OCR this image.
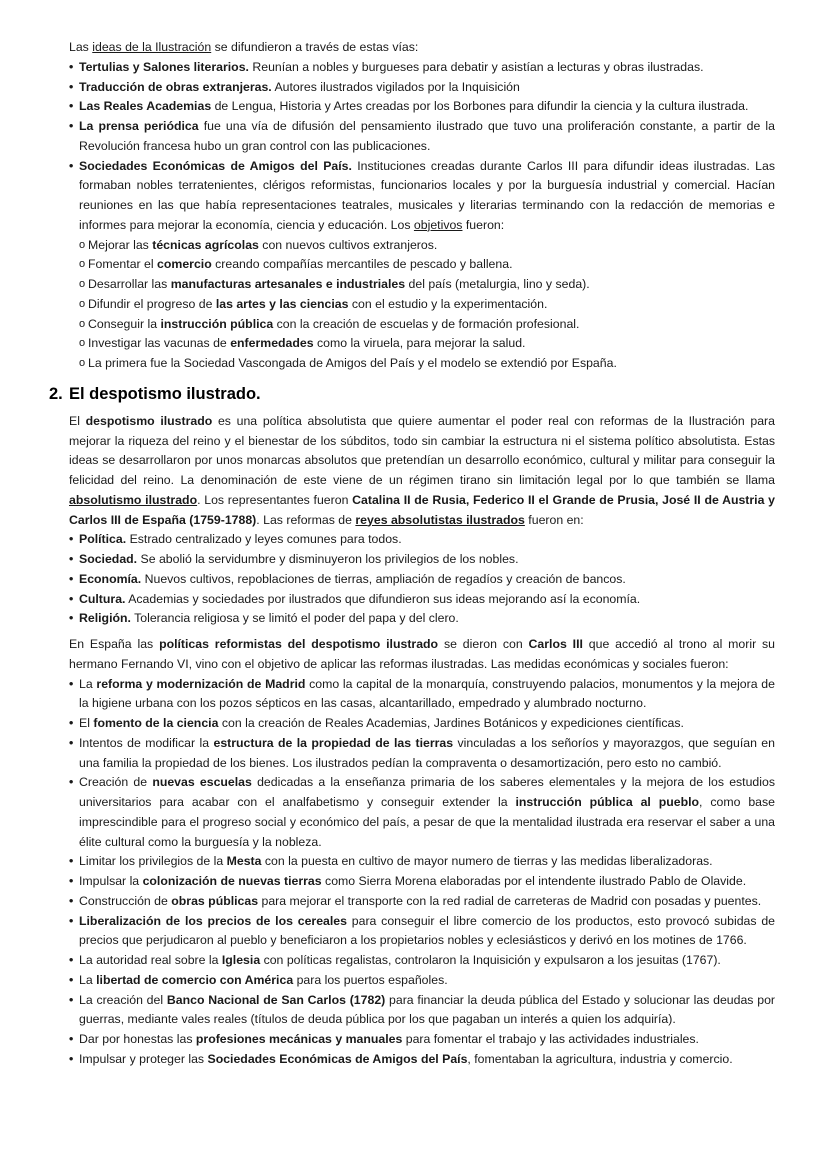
Las ideas de la Ilustración se difundieron a través de estas vías:

• Tertulias y Salones literarios. Reunían a nobles y burgueses para debatir y asistían a lecturas y obras ilustradas.
• Traducción de obras extranjeras. Autores ilustrados vigilados por la Inquisición
• Las Reales Academias de Lengua, Historia y Artes creadas por los Borbones para difundir la ciencia y la cultura ilustrada.
• La prensa periódica fue una vía de difusión del pensamiento ilustrado que tuvo una proliferación constante, a partir de la Revolución francesa hubo un gran control con las publicaciones.
• Sociedades Económicas de Amigos del País. Instituciones creadas durante Carlos III para difundir ideas ilustradas. Las formaban nobles terratenientes, clérigos reformistas, funcionarios locales y por la burguesía industrial y comercial. Hacían reuniones en las que había representaciones teatrales, musicales y literarias terminando con la redacción de memorias e informes para mejorar la economía, ciencia y educación. Los objetivos fueron:
o Mejorar las técnicas agrícolas con nuevos cultivos extranjeros.
o Fomentar el comercio creando compañías mercantiles de pescado y ballena.
o Desarrollar las manufacturas artesanales e industriales del país (metalurgia, lino y seda).
o Difundir el progreso de las artes y las ciencias con el estudio y la experimentación.
o Conseguir la instrucción pública con la creación de escuelas y de formación profesional.
o Investigar las vacunas de enfermedades como la viruela, para mejorar la salud.
o La primera fue la Sociedad Vascongada de Amigos del País y el modelo se extendió por España.
2. El despotismo ilustrado.

El despotismo ilustrado es una política absolutista que quiere aumentar el poder real con reformas de la Ilustración para mejorar la riqueza del reino y el bienestar de los súbditos, todo sin cambiar la estructura ni el sistema político absolutista. Estas ideas se desarrollaron por unos monarcas absolutos que pretendían un desarrollo económico, cultural y militar para conseguir la felicidad del reino. La denominación de este viene de un régimen tirano sin limitación legal por lo que también se llama absolutismo ilustrado. Los representantes fueron Catalina II de Rusia, Federico II el Grande de Prusia, José II de Austria y Carlos III de España (1759-1788). Las reformas de reyes absolutistas ilustrados fueron en:

• Política. Estrado centralizado y leyes comunes para todos.
• Sociedad. Se abolió la servidumbre y disminuyeron los privilegios de los nobles.
• Economía. Nuevos cultivos, repoblaciones de tierras, ampliación de regadíos y creación de bancos.
• Cultura. Academias y sociedades por ilustrados que difundieron sus ideas mejorando así la economía.
• Religión. Tolerancia religiosa y se limitó el poder del papa y del clero.

En España las políticas reformistas del despotismo ilustrado se dieron con Carlos III que accedió al trono al morir su hermano Fernando VI, vino con el objetivo de aplicar las reformas ilustradas. Las medidas económicas y sociales fueron:

• La reforma y modernización de Madrid como la capital de la monarquía, construyendo palacios, monumentos y la mejora de la higiene urbana con los pozos sépticos en las casas, alcantarillado, empedrado y alumbrado nocturno.
• El fomento de la ciencia con la creación de Reales Academias, Jardines Botánicos y expediciones científicas.
• Intentos de modificar la estructura de la propiedad de las tierras vinculadas a los señoríos y mayorazgos, que seguían en una familia la propiedad de los bienes. Los ilustrados pedían la compraventa o desamortización, pero esto no cambió.
• Creación de nuevas escuelas dedicadas a la enseñanza primaria de los saberes elementales y la mejora de los estudios universitarios para acabar con el analfabetismo y conseguir extender la instrucción pública al pueblo, como base imprescindible para el progreso social y económico del país, a pesar de que la mentalidad ilustrada era reservar el saber a una élite cultural como la burguesía y la nobleza.
• Limitar los privilegios de la Mesta con la puesta en cultivo de mayor numero de tierras y las medidas liberalizadoras.
• Impulsar la colonización de nuevas tierras como Sierra Morena elaboradas por el intendente ilustrado Pablo de Olavide.
• Construcción de obras públicas para mejorar el transporte con la red radial de carreteras de Madrid con posadas y puentes.
• Liberalización de los precios de los cereales para conseguir el libre comercio de los productos, esto provocó subidas de precios que perjudicaron al pueblo y beneficiaron a los propietarios nobles y eclesiásticos y derivó en los motines de 1766.
• La autoridad real sobre la Iglesia con políticas regalistas, controlaron la Inquisición y expulsaron a los jesuitas (1767).
• La libertad de comercio con América para los puertos españoles.
• La creación del Banco Nacional de San Carlos (1782) para financiar la deuda pública del Estado y solucionar las deudas por guerras, mediante vales reales (títulos de deuda pública por los que pagaban un interés a quien los adquiría).
• Dar por honestas las profesiones mecánicas y manuales para fomentar el trabajo y las actividades industriales.
• Impulsar y proteger las Sociedades Económicas de Amigos del País, fomentaban la agricultura, industria y comercio.
